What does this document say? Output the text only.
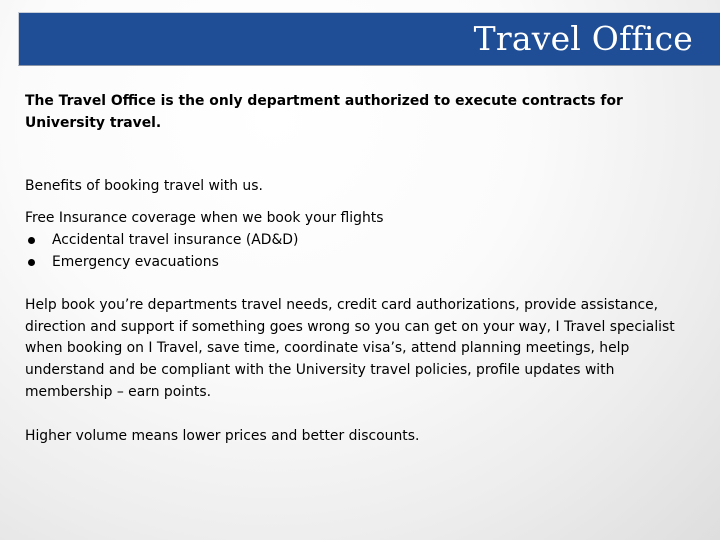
Travel Office

The Travel Office is the only department authorized to execute contracts for University travel.

Benefits of booking travel with us.

Free Insurance coverage when we book your flights

Accidental travel insurance (AD&D)
Emergency evacuations

Help book you’re departments travel needs, credit card authorizations, provide assistance, direction and support if something goes wrong so you can get on your way, I Travel specialist when booking on I Travel, save time, coordinate visa’s, attend planning meetings, help understand and be compliant with the University travel policies, profile updates with membership – earn points.

Higher volume means lower prices and better discounts.
